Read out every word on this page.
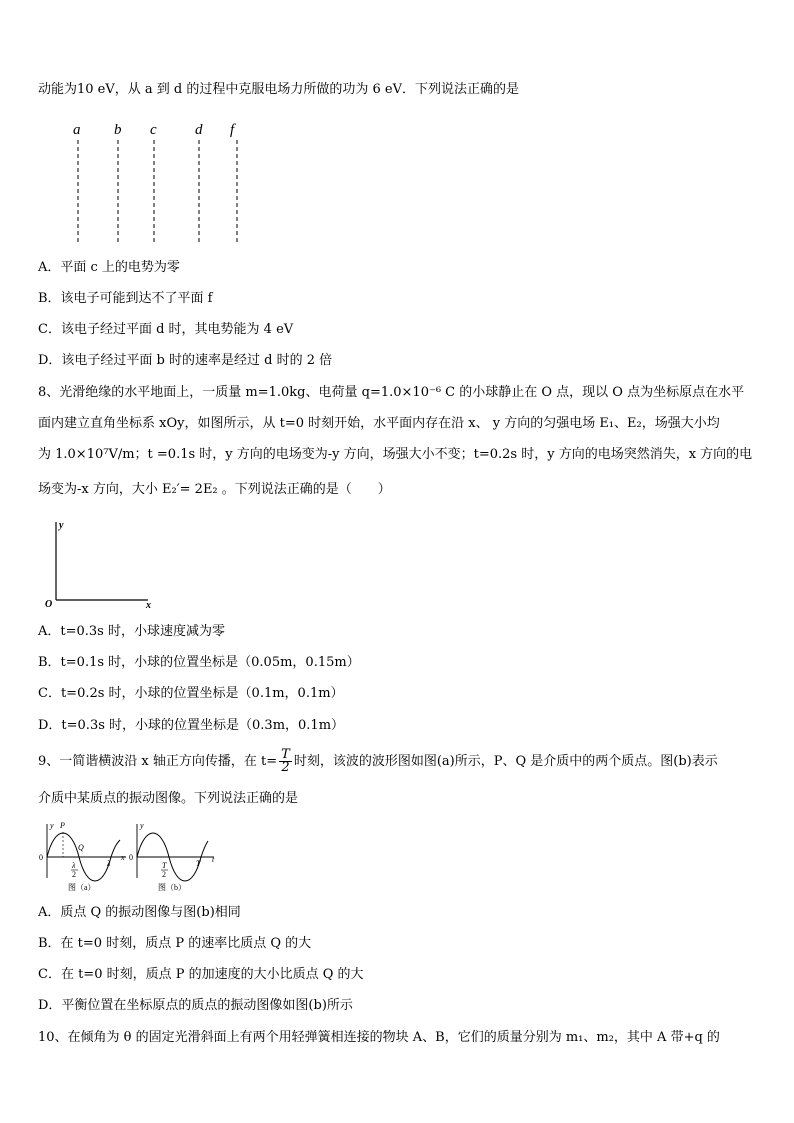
动能为10 eV，从 a 到 d 的过程中克服电场力所做的功为 6 eV．下列说法正确的是
a b c	d f
A．平面 c 上的电势为零
B．该电子可能到达不了平面 f
C．该电子经过平面 d 时，其电势能为 4 eV
D．该电子经过平面 b 时的速率是经过 d 时的 2 倍
8、光滑绝缘的水平地面上，一质量 m=1.0kg、电荷量 q=1.0×10⁻⁶ C 的小球静止在 O 点，现以 O 点为坐标原点在水平
面内建立直角坐标系 xOy，如图所示，从 t=0 时刻开始，水平面内存在沿 x、 y 方向的匀强电场 E₁、E₂，场强大小均
为 1.0×10⁷V/m；t =0.1s 时，y 方向的电场变为-y 方向，场强大小不变；t=0.2s 时，y 方向的电场突然消失，x 方向的电
场变为-x 方向，大小 E₂′= 2E₂ 。下列说法正确的是（　　）
y
x
O
A．t=0.3s 时，小球速度减为零
B．t=0.1s 时，小球的位置坐标是（0.05m，0.15m）
C．t=0.2s 时，小球的位置坐标是（0.1m，0.1m）
D．t=0.3s 时，小球的位置坐标是（0.3m，0.1m）
9、一简谐横波沿 x 轴正方向传播，在 $t= \frac{T}{2}$ 时刻，该波的波形图如图(a)所示，P、Q 是介质中的两个质点。图(b)表示
介质中某质点的振动图像。下列说法正确的是
y P
Q
0	x
λ
λ
2
图（a）
y
0	t
T
T
2
图（b）
A．质点 Q 的振动图像与图(b)相同
B．在 t=0 时刻，质点 P 的速率比质点 Q 的大
C．在 t=0 时刻，质点 P 的加速度的大小比质点 Q 的大
D．平衡位置在坐标原点的质点的振动图像如图(b)所示
10、在倾角为 θ 的固定光滑斜面上有两个用轻弹簧相连接的物块 A、B，它们的质量分别为 m₁、m₂，其中 A 带+q 的
